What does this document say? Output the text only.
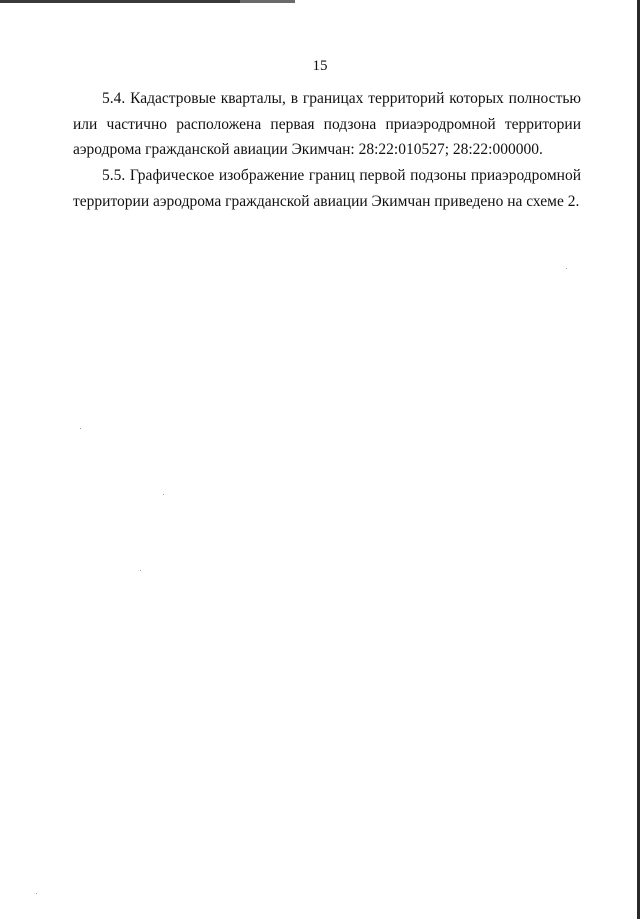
15

5.4. Кадастровые кварталы, в границах территорий которых полностью или частично расположена первая подзона приаэродромной территории аэродрома гражданской авиации Экимчан: 28:22:010527; 28:22:000000.

5.5. Графическое изображение границ первой подзоны приаэродромной территории аэродрома гражданской авиации Экимчан приведено на схеме 2.
